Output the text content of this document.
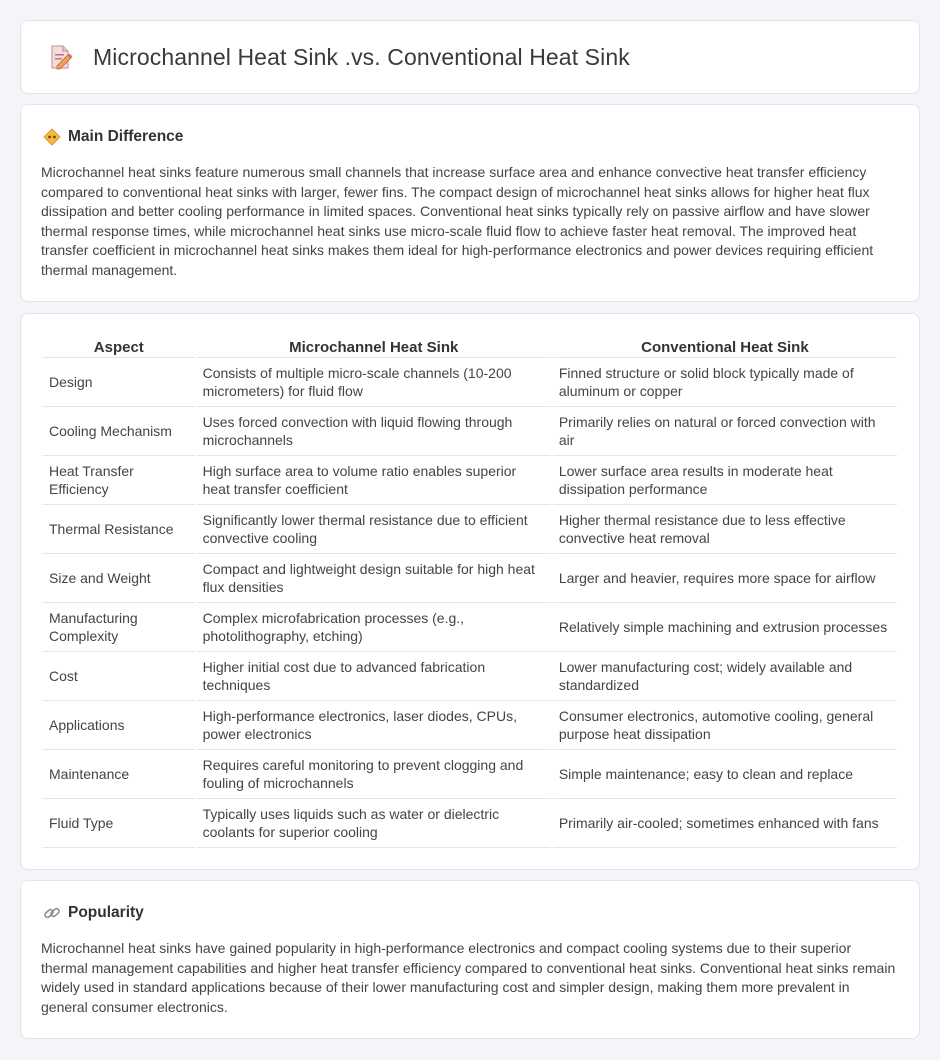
Microchannel Heat Sink .vs. Conventional Heat Sink
Main Difference

Microchannel heat sinks feature numerous small channels that increase surface area and enhance convective heat transfer efficiency compared to conventional heat sinks with larger, fewer fins. The compact design of microchannel heat sinks allows for higher heat flux dissipation and better cooling performance in limited spaces. Conventional heat sinks typically rely on passive airflow and have slower thermal response times, while microchannel heat sinks use micro-scale fluid flow to achieve faster heat removal. The improved heat transfer coefficient in microchannel heat sinks makes them ideal for high-performance electronics and power devices requiring efficient thermal management.

Aspect	Microchannel Heat Sink	Conventional Heat Sink
Design	Consists of multiple micro-scale channels (10-200 micrometers) for fluid flow	Finned structure or solid block typically made of aluminum or copper
Cooling Mechanism	Uses forced convection with liquid flowing through microchannels	Primarily relies on natural or forced convection with air
Heat Transfer Efficiency	High surface area to volume ratio enables superior heat transfer coefficient	Lower surface area results in moderate heat dissipation performance
Thermal Resistance	Significantly lower thermal resistance due to efficient convective cooling	Higher thermal resistance due to less effective convective heat removal
Size and Weight	Compact and lightweight design suitable for high heat flux densities	Larger and heavier, requires more space for airflow
Manufacturing Complexity	Complex microfabrication processes (e.g., photolithography, etching)	Relatively simple machining and extrusion processes
Cost	Higher initial cost due to advanced fabrication techniques	Lower manufacturing cost; widely available and standardized
Applications	High-performance electronics, laser diodes, CPUs, power electronics	Consumer electronics, automotive cooling, general purpose heat dissipation
Maintenance	Requires careful monitoring to prevent clogging and fouling of microchannels	Simple maintenance; easy to clean and replace
Fluid Type	Typically uses liquids such as water or dielectric coolants for superior cooling	Primarily air-cooled; sometimes enhanced with fans
Popularity

Microchannel heat sinks have gained popularity in high-performance electronics and compact cooling systems due to their superior thermal management capabilities and higher heat transfer efficiency compared to conventional heat sinks. Conventional heat sinks remain widely used in standard applications because of their lower manufacturing cost and simpler design, making them more prevalent in general consumer electronics.
